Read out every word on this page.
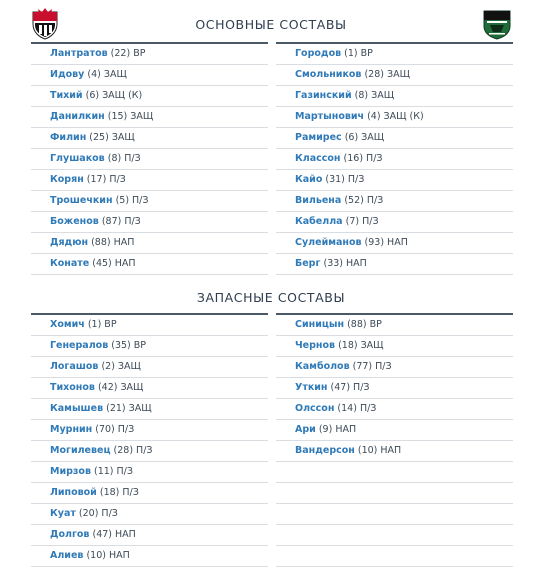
ОСНОВНЫЕ СОСТАВЫ
Лантратов (22) ВР
Идову (4) ЗАЩ
Тихий (6) ЗАЩ (К)
Данилкин (15) ЗАЩ
Филин (25) ЗАЩ
Глушаков (8) П/З
Корян (17) П/З
Трошечкин (5) П/З
Боженов (87) П/З
Дядюн (88) НАП
Конате (45) НАП
Городов (1) ВР
Смольников (28) ЗАЩ
Газинский (8) ЗАЩ
Мартынович (4) ЗАЩ (К)
Рамирес (6) ЗАЩ
Классон (16) П/З
Кайо (31) П/З
Вильена (52) П/З
Кабелла (7) П/З
Сулейманов (93) НАП
Берг (33) НАП
ЗАПАСНЫЕ СОСТАВЫ
Хомич (1) ВР
Генералов (35) ВР
Логашов (2) ЗАЩ
Тихонов (42) ЗАЩ
Камышев (21) ЗАЩ
Мурнин (70) П/З
Могилевец (28) П/З
Мирзов (11) П/З
Липовой (18) П/З
Куат (20) П/З
Долгов (47) НАП
Алиев (10) НАП
Синицын (88) ВР
Чернов (18) ЗАЩ
Камболов (77) П/З
Уткин (47) П/З
Олссон (14) П/З
Ари (9) НАП
Вандерсон (10) НАП
